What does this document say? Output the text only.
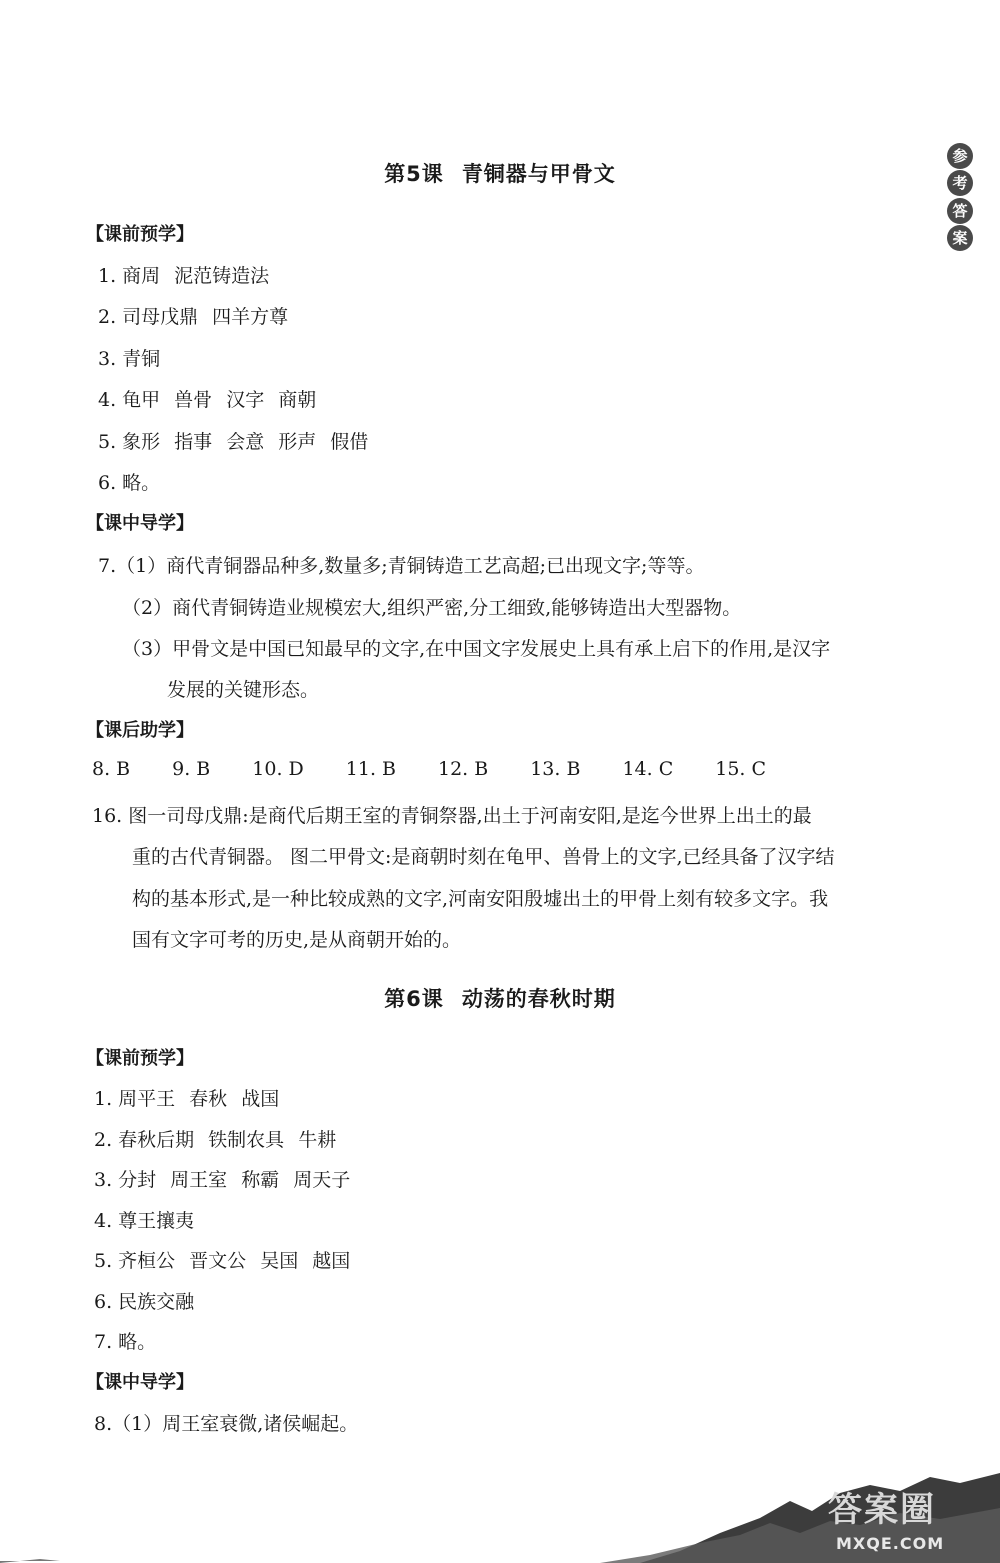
参
考
答
案
第5课 青铜器与甲骨文
【课前预学】
1. 商周 泥范铸造法
2. 司母戊鼎 四羊方尊
3. 青铜
4. 龟甲 兽骨 汉字 商朝
5. 象形 指事 会意 形声 假借
6. 略。
【课中导学】
7.（1）商代青铜器品种多,数量多;青铜铸造工艺高超;已出现文字;等等。
（2）商代青铜铸造业规模宏大,组织严密,分工细致,能够铸造出大型器物。
（3）甲骨文是中国已知最早的文字,在中国文字发展史上具有承上启下的作用,是汉字
发展的关键形态。
【课后助学】
8. B 9. B 10. D 11. B 12. B 13. B 14. C 15. C
16. 图一司母戊鼎:是商代后期王室的青铜祭器,出土于河南安阳,是迄今世界上出土的最
重的古代青铜器。 图二甲骨文:是商朝时刻在龟甲、兽骨上的文字,已经具备了汉字结
构的基本形式,是一种比较成熟的文字,河南安阳殷墟出土的甲骨上刻有较多文字。我
国有文字可考的历史,是从商朝开始的。
第6课 动荡的春秋时期
【课前预学】
1. 周平王 春秋 战国
2. 春秋后期 铁制农具 牛耕
3. 分封 周王室 称霸 周天子
4. 尊王攘夷
5. 齐桓公 晋文公 吴国 越国
6. 民族交融
7. 略。
【课中导学】
8.（1）周王室衰微,诸侯崛起。
答案圈
MXQE.COM
